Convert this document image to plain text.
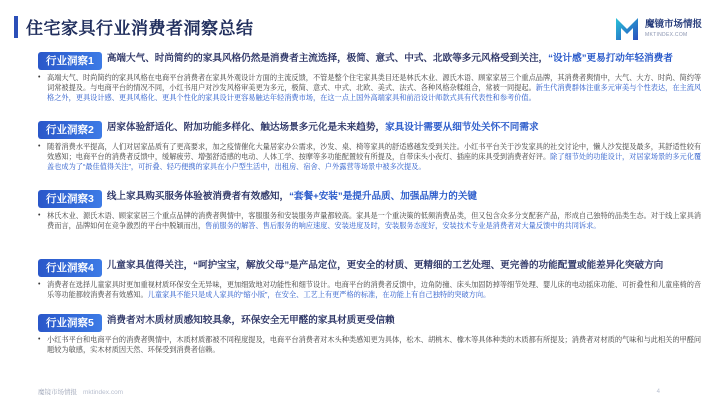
住宅家具行业消费者洞察总结	魔镜市场情报
MKTINDEX.COM
行业洞察1	高端大气、时尚简约的家具风格仍然是消费者主流选择，极简、意式、中式、北欧等多元风格受到关注，“设计感”更易打动年轻消费者
• 高端大气、时尚简约的家具风格在电商平台消费者在家具外观设计方面的主流反馈，不管是整个住宅家具类目还是林氏木业、源氏木语、顾家家居三个重点品牌，其消费者舆情中，大气、大方、时尚、简约等词常被提及。与电商平台的情况不同，小红书用户对沙发风格审美更为多元，极简、意式、中式、北欧、美式、法式、各种风格杂糅组合，常被一同提起。新生代消费群体注重多元审美与个性表达，在主流风格之外，更具设计感、更具风格化、更具个性化的家具设计更容易触达年轻消费市场，在这一点上国外高端家具和前沿设计师款式具有代表性和参考价值。
行业洞察2	居家体验舒适化、附加功能多样化、触达场景多元化是未来趋势，家具设计需要从细节处关怀不同需求
• 随着消费水平提高，人们对居家品质有了更高要求，加之疫情催化大量居家办公需求，沙发、桌、椅等家具的舒适感越发受到关注。小红书平台关于沙发家具的社交讨论中，懒人沙发提及最多，其舒适性较有效感知；电商平台的消费者反馈中，缓解疲劳、增强舒适感的电动、人体工学、按摩等多功能配置较有所提及，自带床头小夜灯、插座的床具受到消费者好评。除了细节处的功能设计，对居家场景的多元化覆盖也成为了“最佳值得关注”，可折叠、轻巧便携的家具在小户型生活中，出租房、宿舍、户外露营等场景中被多次提及。
行业洞察3	线上家具购买服务体验被消费者有效感知，“套餐+安装”是提升品质、加强品牌力的关键
• 林氏木业、源氏木语、顾家家居三个重点品牌的消费者舆情中，客服服务和安装服务声量都较高。家具是一个重决策的低频消费品类，但又包含众多分支配套产品，形成自己独特的品类生态。对于线上家具消费而言，品牌如何在竞争激烈的平台中脱颖而出，售前服务的解答、售后服务的响应速度、安装进度及时，安装服务态度好，安装技术专业是消费者对大量反馈中的共同诉求。
行业洞察4	儿童家具值得关注，“呵护宝宝，解放父母”是产品定位，更安全的材质、更精细的工艺处理、更完善的功能配置或能差异化突破方向
• 消费者在选择儿童家具时更加重视材质环保安全无异味，更加细致地对功能性和细节设计。电商平台的消费者反馈中，边角防撞、床头加固防掉等细节处理、婴儿床的电动摇床功能、可折叠性和儿童座椅的音乐等功能都较消费者有效感知。儿童家具不能只是成人家具的“缩小版”，在安全、工艺上有更严格的标准，在功能上有自己独特的突破方向。
行业洞察5	消费者对木质材质感知较具象，环保安全无甲醛的家具材质更受信赖
• 小红书平台和电商平台的消费者舆情中，木质材质都被不同程度提及，电商平台消费者对木头种类感知更为具体，松木、胡桃木、橡木等具体种类的木质都有所提及；消费者对材质的气味和与此相关的甲醛问题较为敏感，实木材质因天然、环保受到消费者信赖。
魔镜市场情报 mktindex.com	4
